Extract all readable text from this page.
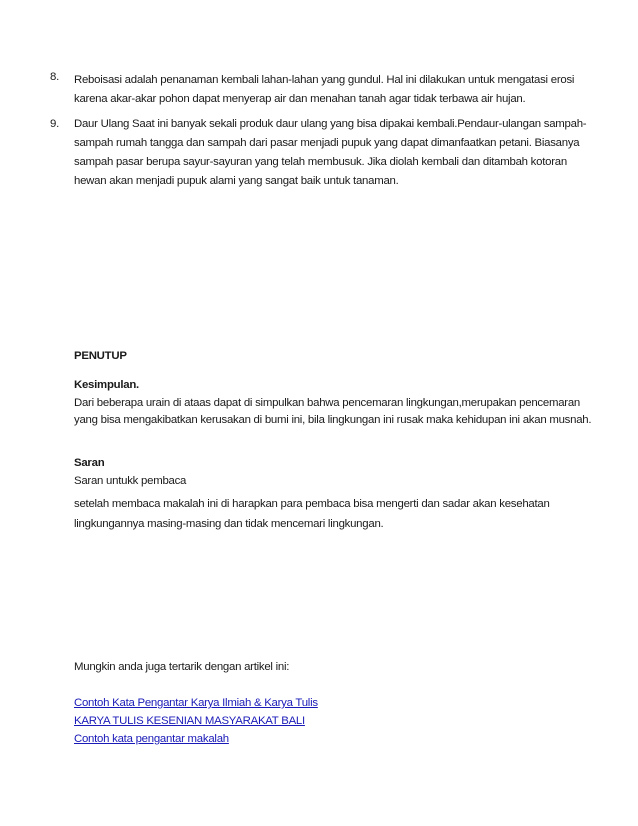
8.	Reboisasi adalah penanaman kembali lahan-lahan yang gundul. Hal ini dilakukan untuk mengatasi erosi karena akar-akar pohon dapat menyerap air dan menahan tanah agar tidak terbawa air hujan.

9.	Daur Ulang Saat ini banyak sekali produk daur ulang yang bisa dipakai kembali.Pendaur-ulangan sampah-sampah rumah tangga dan sampah dari pasar menjadi pupuk yang dapat dimanfaatkan petani. Biasanya sampah pasar berupa sayur-sayuran yang telah membusuk. Jika diolah kembali dan ditambah kotoran hewan akan menjadi pupuk alami yang sangat baik untuk tanaman.

PENUTUP

Kesimpulan.

Dari beberapa urain di ataas dapat di simpulkan bahwa pencemaran lingkungan,merupakan pencemaran yang bisa mengakibatkan kerusakan di bumi ini, bila lingkungan ini rusak maka kehidupan ini akan musnah.

Saran

Saran untukk pembaca

setelah membaca makalah ini di harapkan para pembaca bisa mengerti dan sadar akan kesehatan lingkungannya masing-masing dan tidak mencemari lingkungan.

Mungkin anda juga tertarik dengan artikel ini:

Contoh Kata Pengantar Karya Ilmiah & Karya Tulis
KARYA TULIS KESENIAN MASYARAKAT BALI
Contoh kata pengantar makalah
